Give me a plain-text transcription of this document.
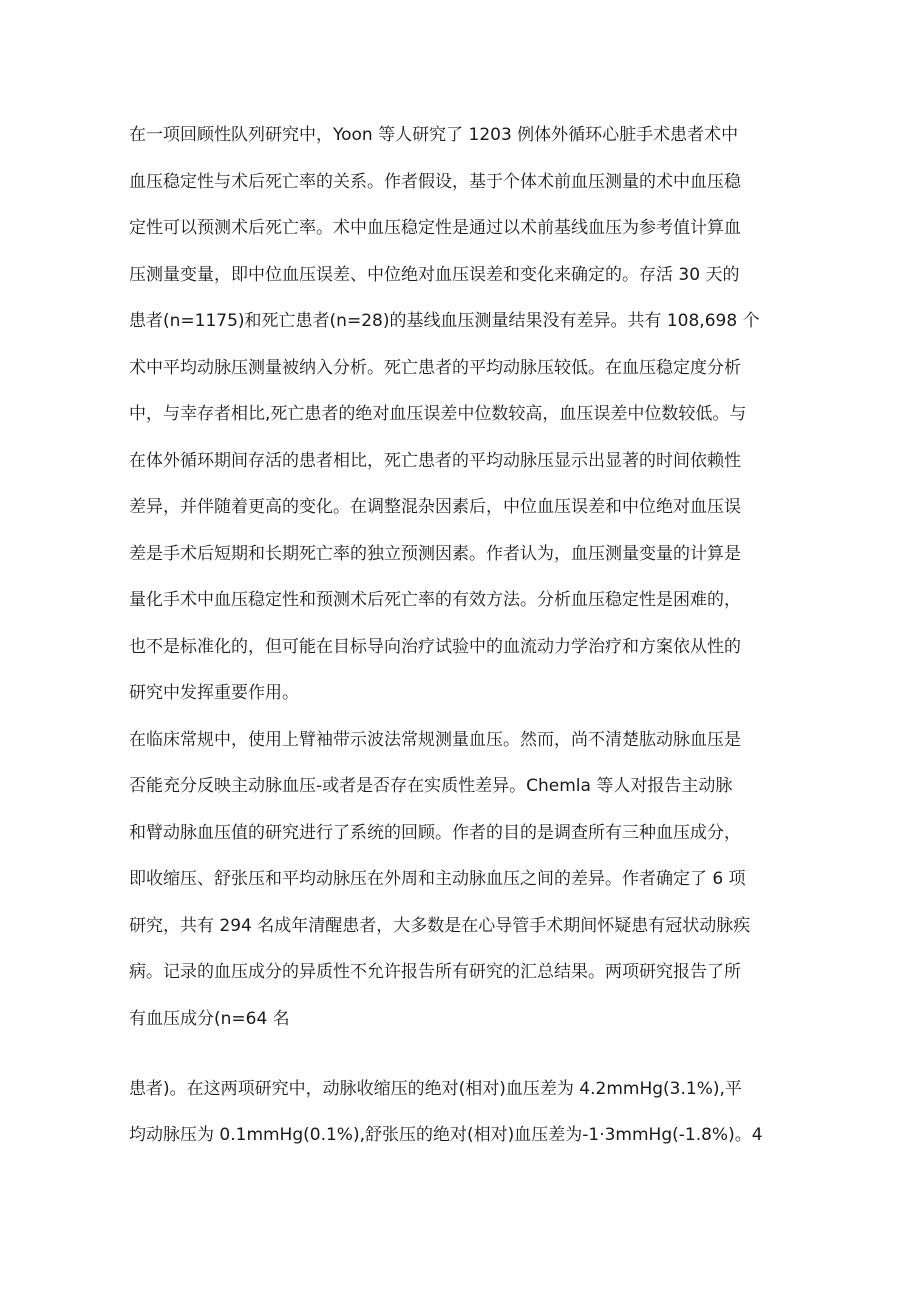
在一项回顾性队列研究中，Yoon 等人研究了 1203 例体外循环心脏手术患者术中
血压稳定性与术后死亡率的关系。作者假设，基于个体术前血压测量的术中血压稳
定性可以预测术后死亡率。术中血压稳定性是通过以术前基线血压为参考值计算血
压测量变量，即中位血压误差、中位绝对血压误差和变化来确定的。存活 30 天的
患者(n=1175)和死亡患者(n=28)的基线血压测量结果没有差异。共有 108,698 个
术中平均动脉压测量被纳入分析。死亡患者的平均动脉压较低。在血压稳定度分析
中，与幸存者相比,死亡患者的绝对血压误差中位数较高，血压误差中位数较低。与
在体外循环期间存活的患者相比，死亡患者的平均动脉压显示出显著的时间依赖性
差异，并伴随着更高的变化。在调整混杂因素后，中位血压误差和中位绝对血压误
差是手术后短期和长期死亡率的独立预测因素。作者认为，血压测量变量的计算是
量化手术中血压稳定性和预测术后死亡率的有效方法。分析血压稳定性是困难的，
也不是标准化的，但可能在目标导向治疗试验中的血流动力学治疗和方案依从性的
研究中发挥重要作用。
在临床常规中，使用上臂袖带示波法常规测量血压。然而，尚不清楚肱动脉血压是
否能充分反映主动脉血压-或者是否存在实质性差异。Chemla 等人对报告主动脉
和臂动脉血压值的研究进行了系统的回顾。作者的目的是调查所有三种血压成分，
即收缩压、舒张压和平均动脉压在外周和主动脉血压之间的差异。作者确定了 6 项
研究，共有 294 名成年清醒患者，大多数是在心导管手术期间怀疑患有冠状动脉疾
病。记录的血压成分的异质性不允许报告所有研究的汇总结果。两项研究报告了所
有血压成分(n=64 名
患者)。在这两项研究中，动脉收缩压的绝对(相对)血压差为 4.2mmHg(3.1%),平
均动脉压为 0.1mmHg(0.1%),舒张压的绝对(相对)血压差为-1·3mmHg(-1.8%)。4
